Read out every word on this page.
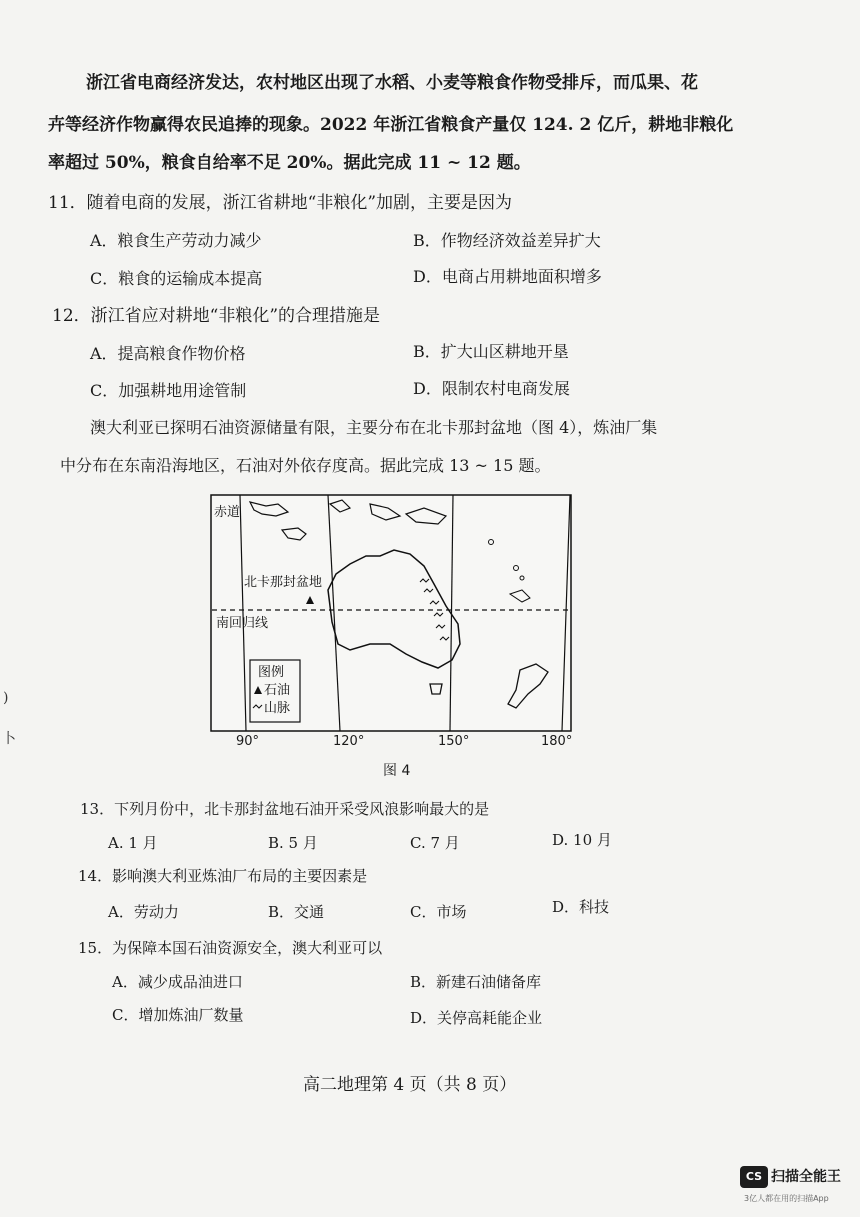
浙江省电商经济发达，农村地区出现了水稻、小麦等粮食作物受排斥，而瓜果、花
卉等经济作物赢得农民追捧的现象。2022 年浙江省粮食产量仅 124. 2 亿斤，耕地非粮化
率超过 50%，粮食自给率不足 20%。据此完成 11 ~ 12 题。
11．随着电商的发展，浙江省耕地“非粮化”加剧，主要是因为
A．粮食生产劳动力减少	B．作物经济效益差异扩大
C．粮食的运输成本提高	D．电商占用耕地面积增多
12．浙江省应对耕地“非粮化”的合理措施是
A．提高粮食作物价格	B．扩大山区耕地开垦
C．加强耕地用途管制	D．限制农村电商发展
澳大利亚已探明石油资源储量有限，主要分布在北卡那封盆地（图 4），炼油厂集
中分布在东南沿海地区，石油对外依存度高。据此完成 13 ~ 15 题。
赤道
北卡那封盆地
南回归线
图例
石油
山脉
90°	120°	150°	180°
图 4
13．下列月份中，北卡那封盆地石油开采受风浪影响最大的是
A. 1 月	B. 5 月	C. 7 月	D. 10 月
14．影响澳大利亚炼油厂布局的主要因素是
A．劳动力	B．交通	C．市场	D．科技
15．为保障本国石油资源安全，澳大利亚可以
A．减少成品油进口	B．新建石油储备库
C．增加炼油厂数量	D．关停高耗能企业
高二地理第 4 页（共 8 页）
)
卜
CS 扫描全能王
3亿人都在用的扫描App
